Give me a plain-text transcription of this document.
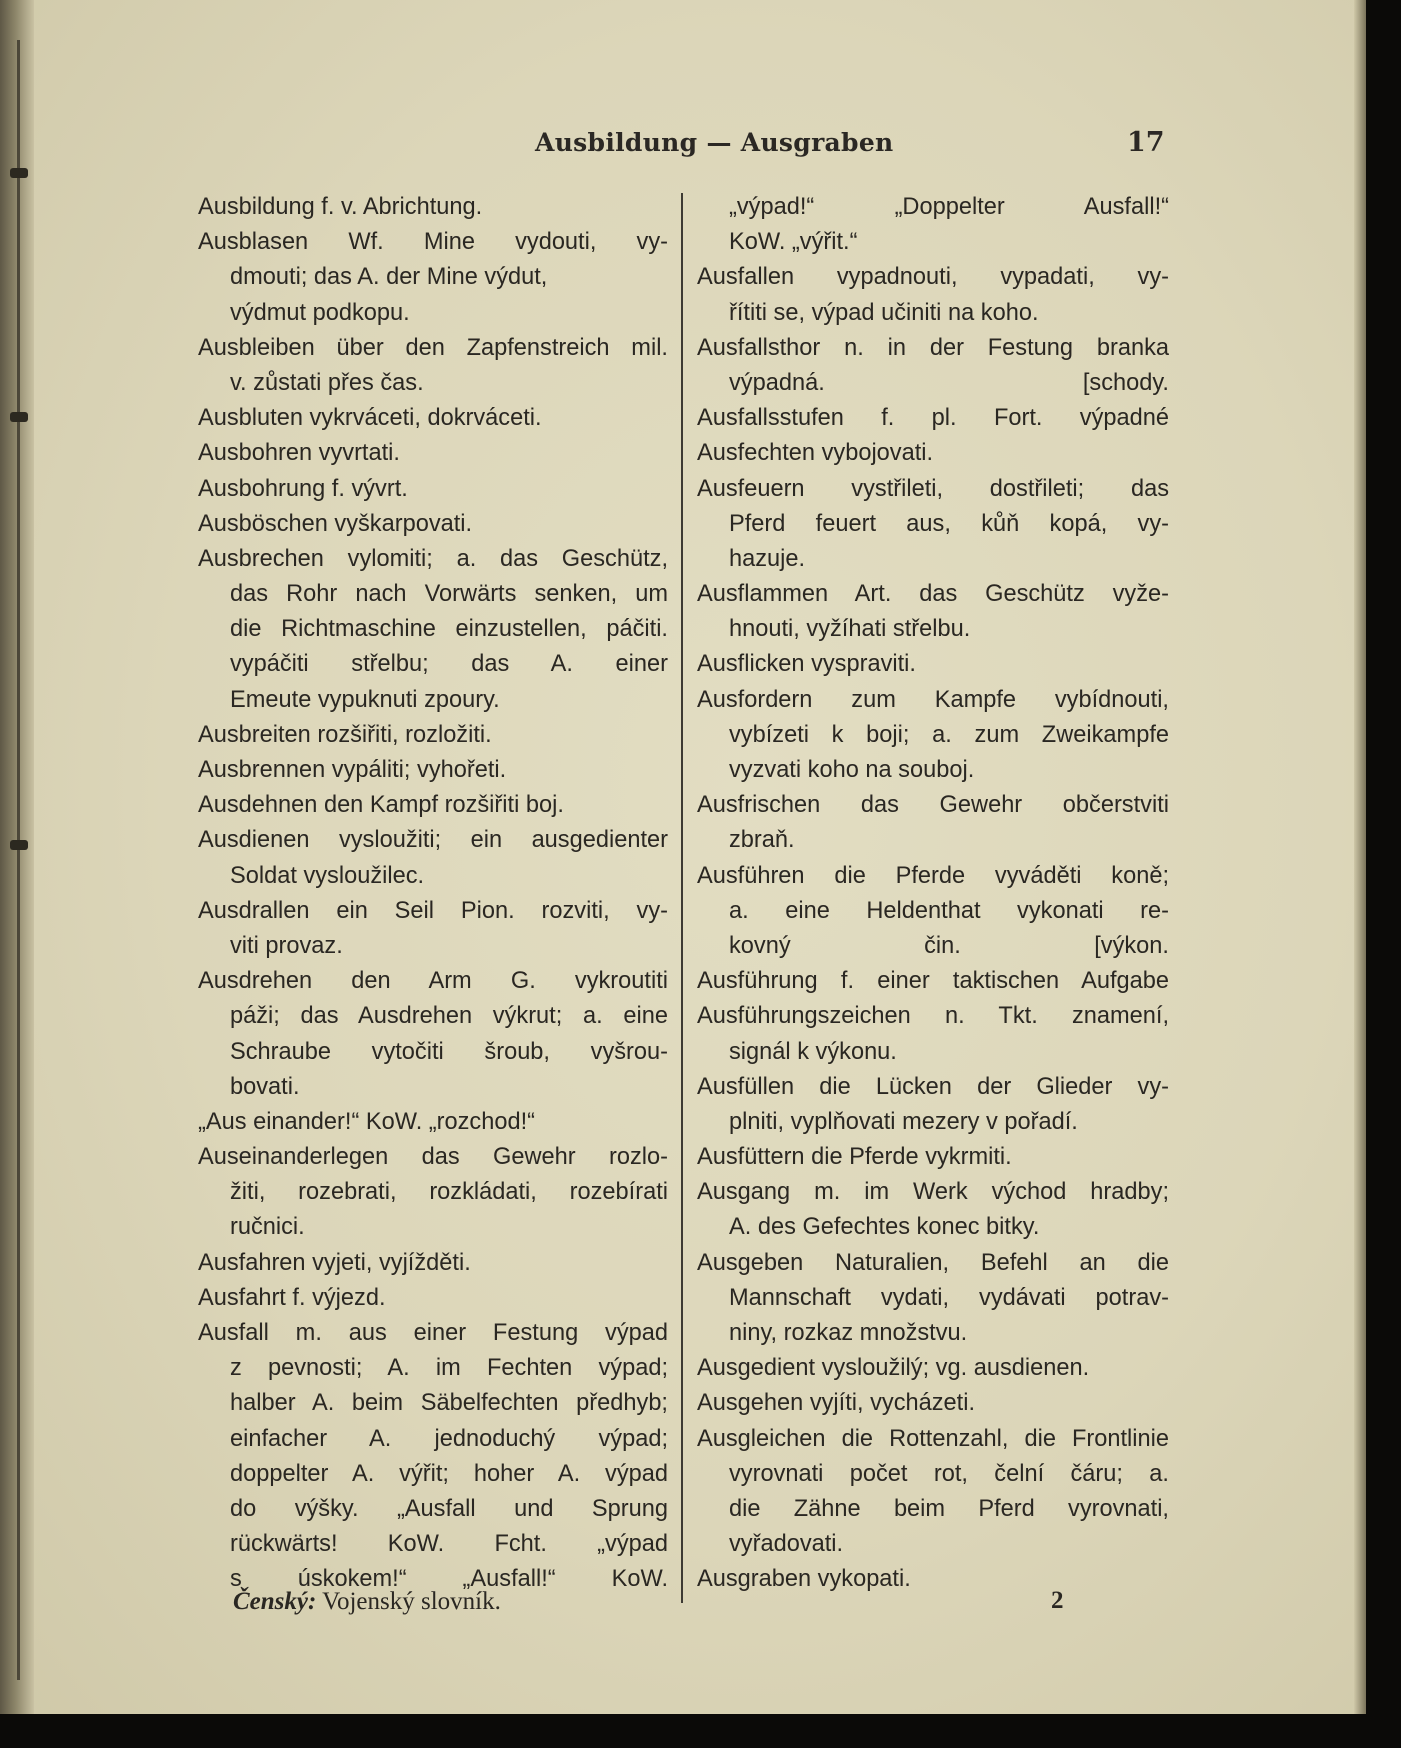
Ausbildung — Ausgraben	17
Ausbildung f. v. Abrichtung.
Ausblasen Wf. Mine vydouti, vy-
dmouti; das A. der Mine výdut,
výdmut podkopu.
Ausbleiben über den Zapfenstreich mil.
v. zůstati přes čas.
Ausbluten vykrváceti, dokrváceti.
Ausbohren vyvrtati.
Ausbohrung f. vývrt.
Ausböschen vyškarpovati.
Ausbrechen vylomiti; a. das Geschütz,
das Rohr nach Vorwärts senken, um
die Richtmaschine einzustellen, páčiti.
vypáčiti střelbu; das A. einer
Emeute vypuknuti zpoury.
Ausbreiten rozšiřiti, rozložiti.
Ausbrennen vypáliti; vyhořeti.
Ausdehnen den Kampf rozšiřiti boj.
Ausdienen vysloužiti; ein ausgedienter
Soldat vysloužilec.
Ausdrallen ein Seil Pion. rozviti, vy-
viti provaz.
Ausdrehen den Arm G. vykroutiti
páži; das Ausdrehen výkrut; a. eine
Schraube vytočiti šroub, vyšrou-
bovati.
„Aus einander!“ KoW. „rozchod!“
Auseinanderlegen das Gewehr rozlo-
žiti, rozebrati, rozkládati, rozebírati
ručnici.
Ausfahren vyjeti, vyjížděti.
Ausfahrt f. výjezd.
Ausfall m. aus einer Festung výpad
z pevnosti; A. im Fechten výpad;
halber A. beim Säbelfechten předhyb;
einfacher A. jednoduchý výpad;
doppelter A. výřit; hoher A. výpad
do výšky. „Ausfall und Sprung
rückwärts! KoW. Fcht. „výpad
s úskokem!“ „Ausfall!“ KoW.
„výpad!“ „Doppelter Ausfall!“
KoW. „výřit.“
Ausfallen vypadnouti, vypadati, vy-
řítiti se, výpad učiniti na koho.
Ausfallsthor n. in der Festung branka
výpadná. [schody.
Ausfallsstufen f. pl. Fort. výpadné
Ausfechten vybojovati.
Ausfeuern vystřileti, dostřileti; das
Pferd feuert aus, kůň kopá, vy-
hazuje.
Ausflammen Art. das Geschütz vyže-
hnouti, vyžíhati střelbu.
Ausflicken vyspraviti.
Ausfordern zum Kampfe vybídnouti,
vybízeti k boji; a. zum Zweikampfe
vyzvati koho na souboj.
Ausfrischen das Gewehr občerstviti
zbraň.
Ausführen die Pferde vyváděti koně;
a. eine Heldenthat vykonati re-
kovný čin. [výkon.
Ausführung f. einer taktischen Aufgabe
Ausführungszeichen n. Tkt. znamení,
signál k výkonu.
Ausfüllen die Lücken der Glieder vy-
plniti, vyplňovati mezery v pořadí.
Ausfüttern die Pferde vykrmiti.
Ausgang m. im Werk východ hradby;
A. des Gefechtes konec bitky.
Ausgeben Naturalien, Befehl an die
Mannschaft vydati, vydávati potrav-
niny, rozkaz množstvu.
Ausgedient vysloužilý; vg. ausdienen.
Ausgehen vyjíti, vycházeti.
Ausgleichen die Rottenzahl, die Frontlinie
vyrovnati počet rot, čelní čáru; a.
die Zähne beim Pferd vyrovnati,
vyřadovati.
Ausgraben vykopati.
Čenský: Vojenský slovník.	2
